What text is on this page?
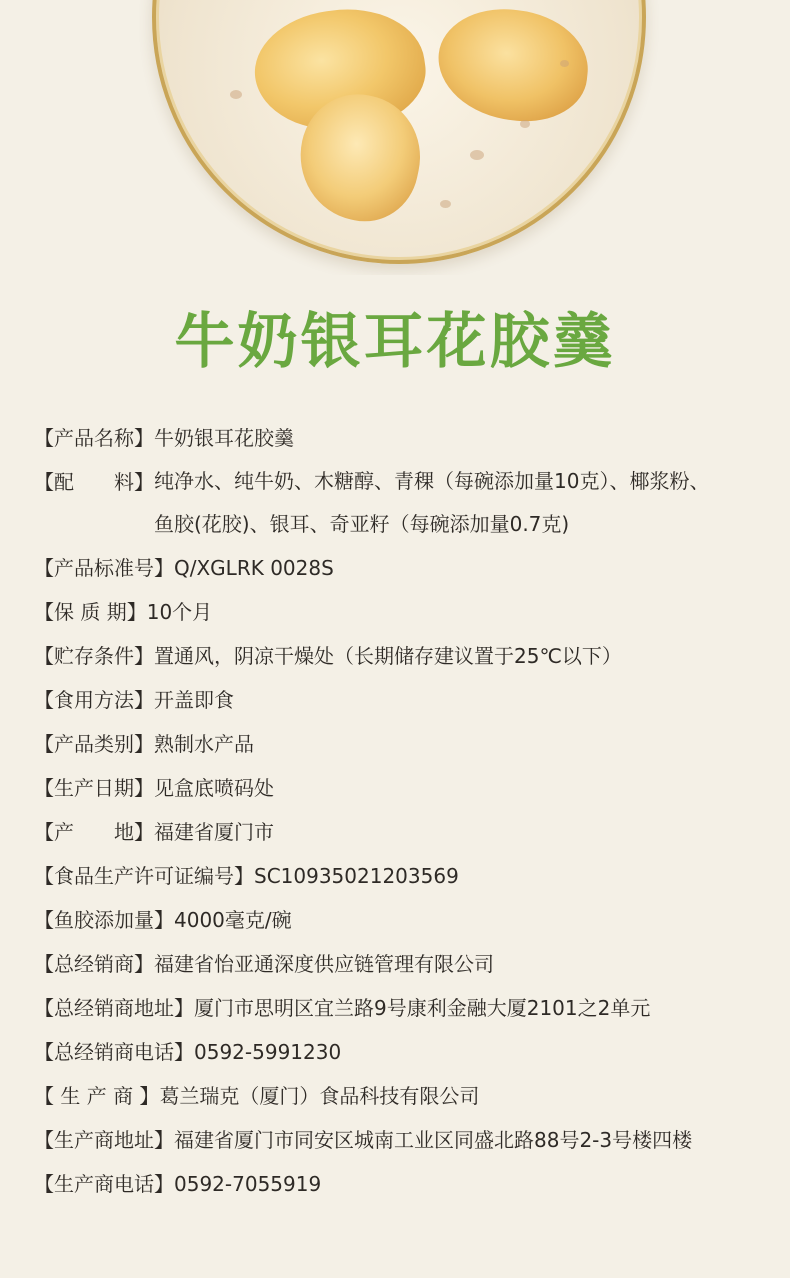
牛奶银耳花胶羹
【产品名称】 牛奶银耳花胶羹
【配　　料】 纯净水、纯牛奶、木糖醇、青稞（每碗添加量10克）、椰浆粉、鱼胶(花胶)、银耳、奇亚籽（每碗添加量0.7克)
【产品标准号】 Q/XGLRK 0028S
【保 质 期】 10个月
【贮存条件】 置通风，阴凉干燥处（长期储存建议置于25℃以下）
【食用方法】 开盖即食
【产品类别】 熟制水产品
【生产日期】 见盒底喷码处
【产　　地】 福建省厦门市
【食品生产许可证编号】 SC10935021203569
【鱼胶添加量】 4000毫克/碗
【总经销商】 福建省怡亚通深度供应链管理有限公司
【总经销商地址】 厦门市思明区宜兰路9号康利金融大厦2101之2单元
【总经销商电话】 0592-5991230
【 生 产 商 】 葛兰瑞克（厦门）食品科技有限公司
【生产商地址】 福建省厦门市同安区城南工业区同盛北路88号2-3号楼四楼
【生产商电话】 0592-7055919
